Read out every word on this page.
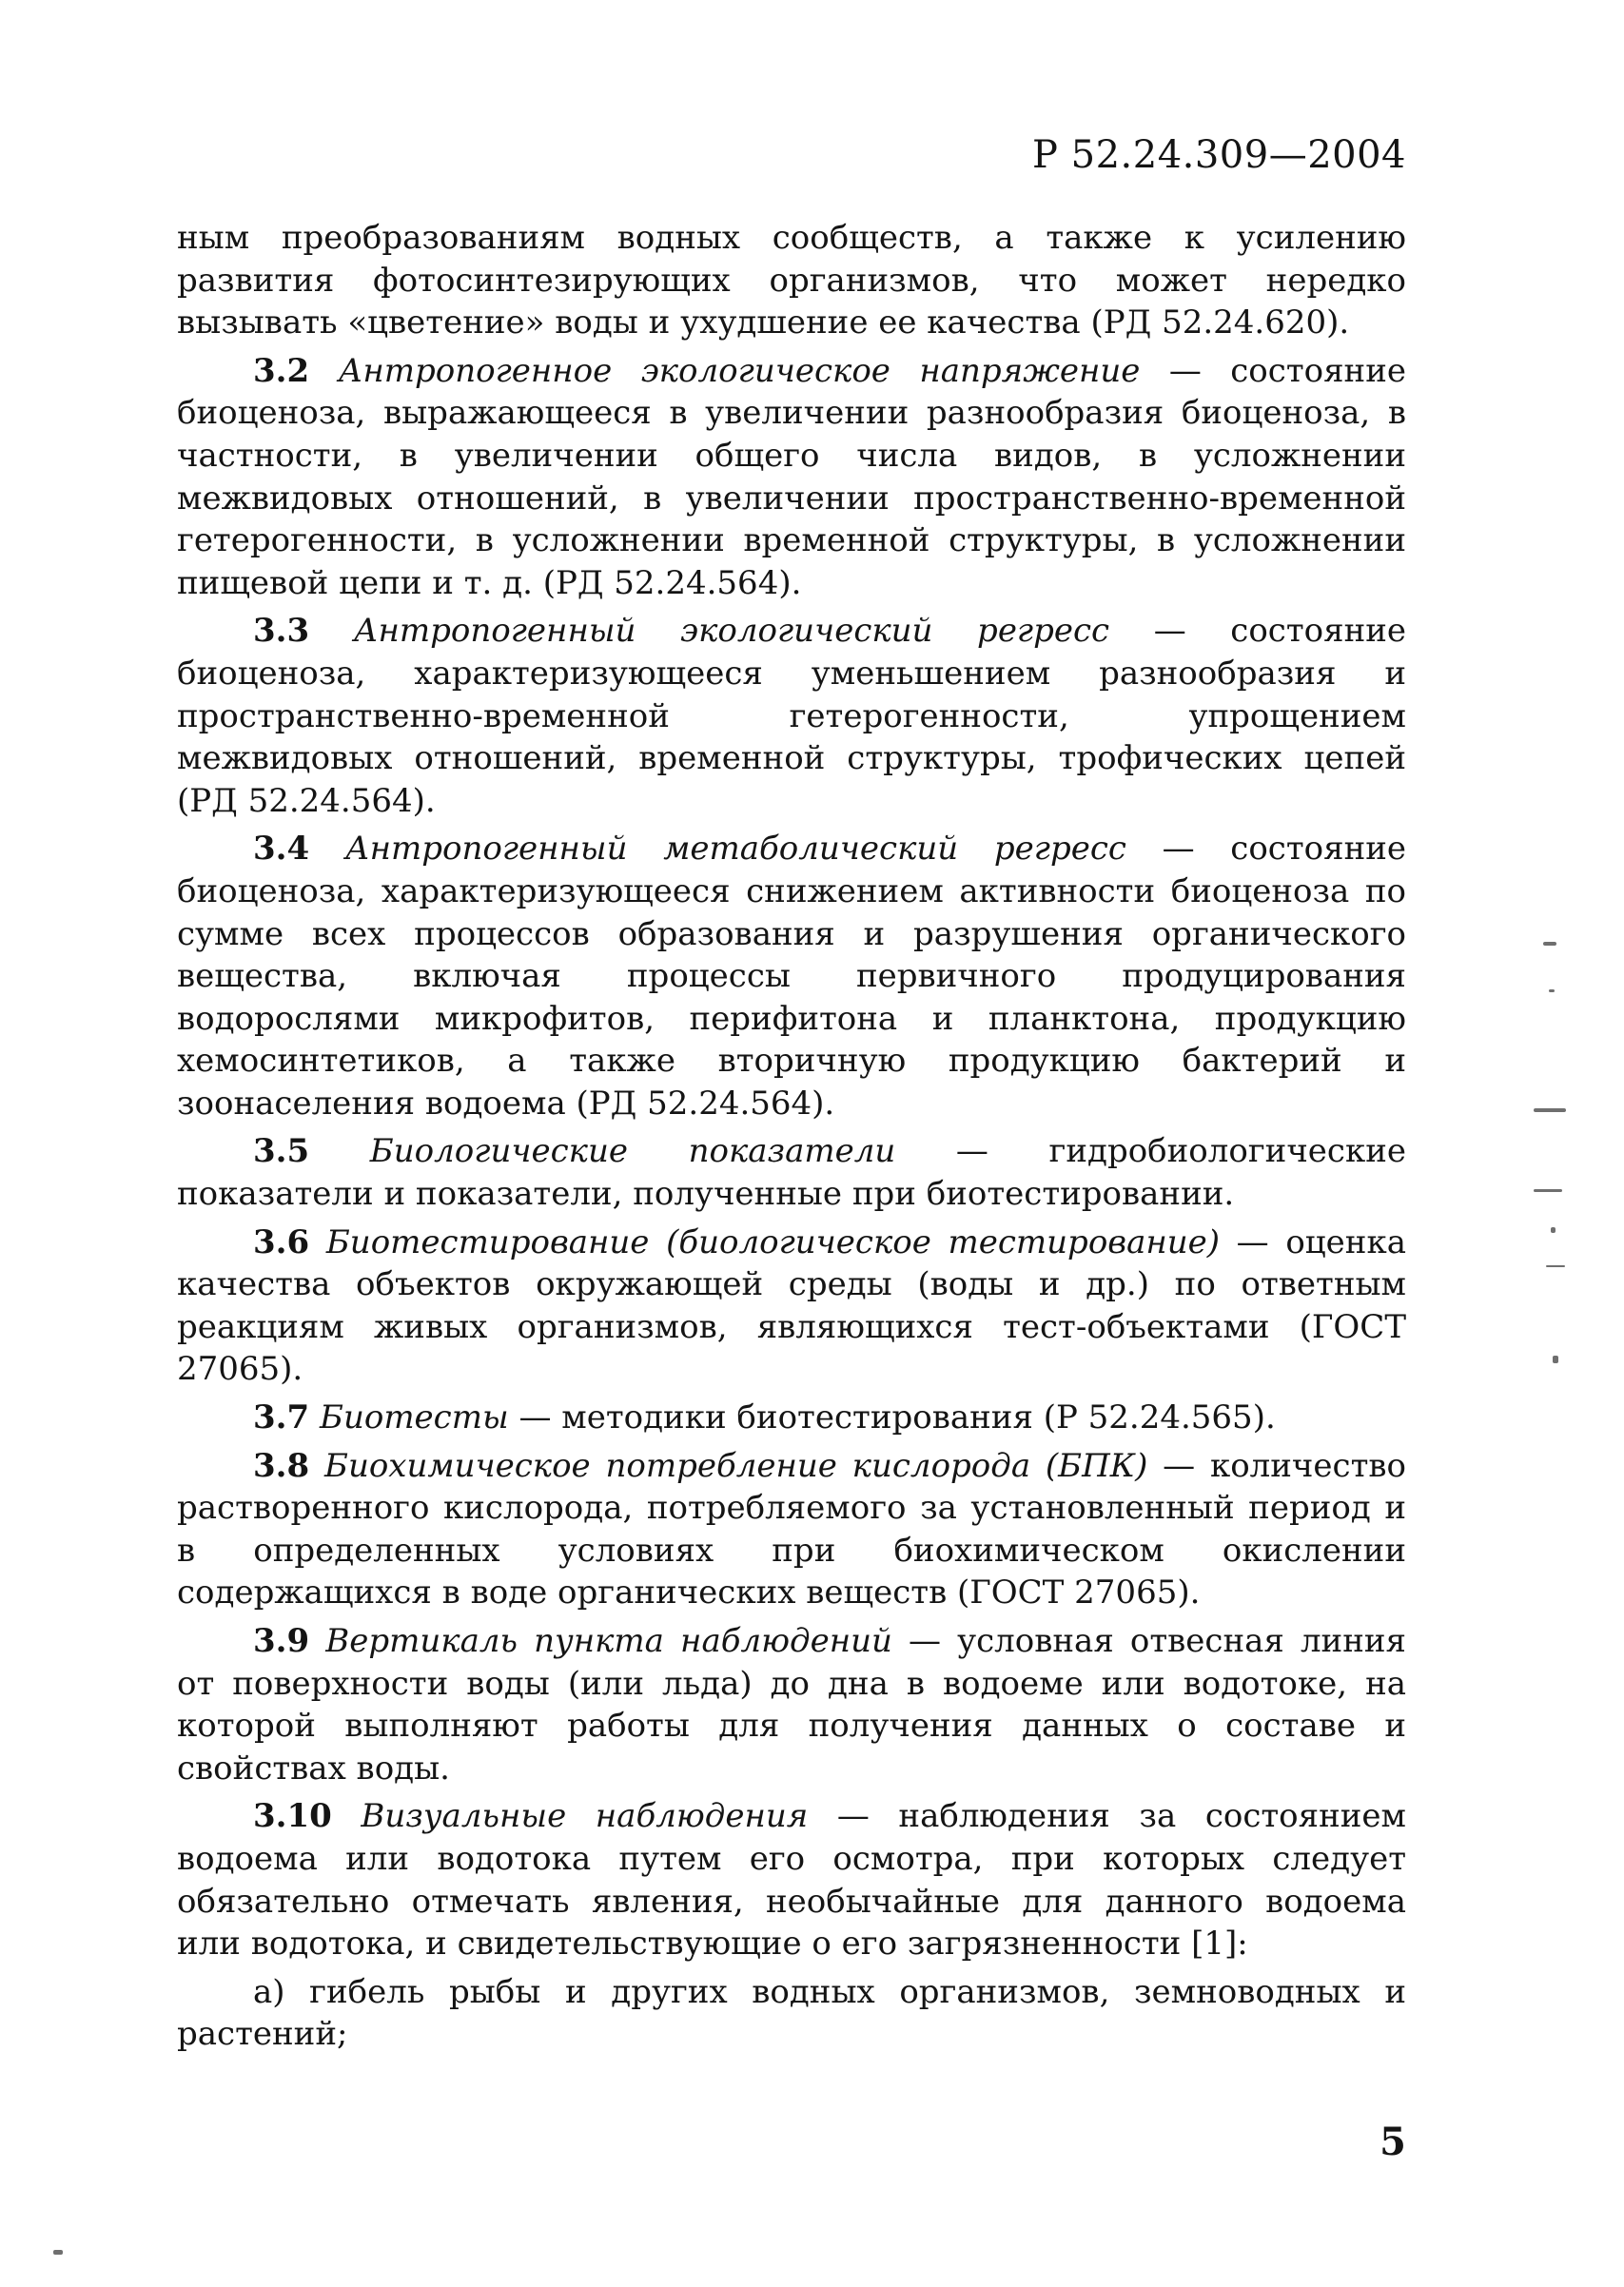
Р 52.24.309—2004

ным преобразованиям водных сообществ, а также к усилению развития фотосинтезирующих организмов, что может нередко вызывать «цветение» воды и ухудшение ее качества (РД 52.24.620).

3.2 Антропогенное экологическое напряжение — состояние биоценоза, выражающееся в увеличении разнообразия биоценоза, в частности, в увеличении общего числа видов, в усложнении межвидовых отношений, в увеличении пространственно-временной гетерогенности, в усложнении временной структуры, в усложнении пищевой цепи и т. д. (РД 52.24.564).

3.3 Антропогенный экологический регресс — состояние биоценоза, характеризующееся уменьшением разнообразия и пространственно-временной гетерогенности, упрощением межвидовых отношений, временной структуры, трофических цепей (РД 52.24.564).

3.4 Антропогенный метаболический регресс — состояние биоценоза, характеризующееся снижением активности биоценоза по сумме всех процессов образования и разрушения органического вещества, включая процессы первичного продуцирования водорослями микрофитов, перифитона и планктона, продукцию хемосинтетиков, а также вторичную продукцию бактерий и зоонаселения водоема (РД 52.24.564).

3.5 Биологические показатели — гидробиологические показатели и показатели, полученные при биотестировании.

3.6 Биотестирование (биологическое тестирование) — оценка качества объектов окружающей среды (воды и др.) по ответным реакциям живых организмов, являющихся тест-объектами (ГОСТ 27065).

3.7 Биотесты — методики биотестирования (Р 52.24.565).

3.8 Биохимическое потребление кислорода (БПК) — количество растворенного кислорода, потребляемого за установленный период и в определенных условиях при биохимическом окислении содержащихся в воде органических веществ (ГОСТ 27065).

3.9 Вертикаль пункта наблюдений — условная отвесная линия от поверхности воды (или льда) до дна в водоеме или водотоке, на которой выполняют работы для получения данных о составе и свойствах воды.

3.10 Визуальные наблюдения — наблюдения за состоянием водоема или водотока путем его осмотра, при которых следует обязательно отмечать явления, необычайные для данного водоема или водотока, и свидетельствующие о его загрязненности [1]:

а) гибель рыбы и других водных организмов, земноводных и растений;

5
